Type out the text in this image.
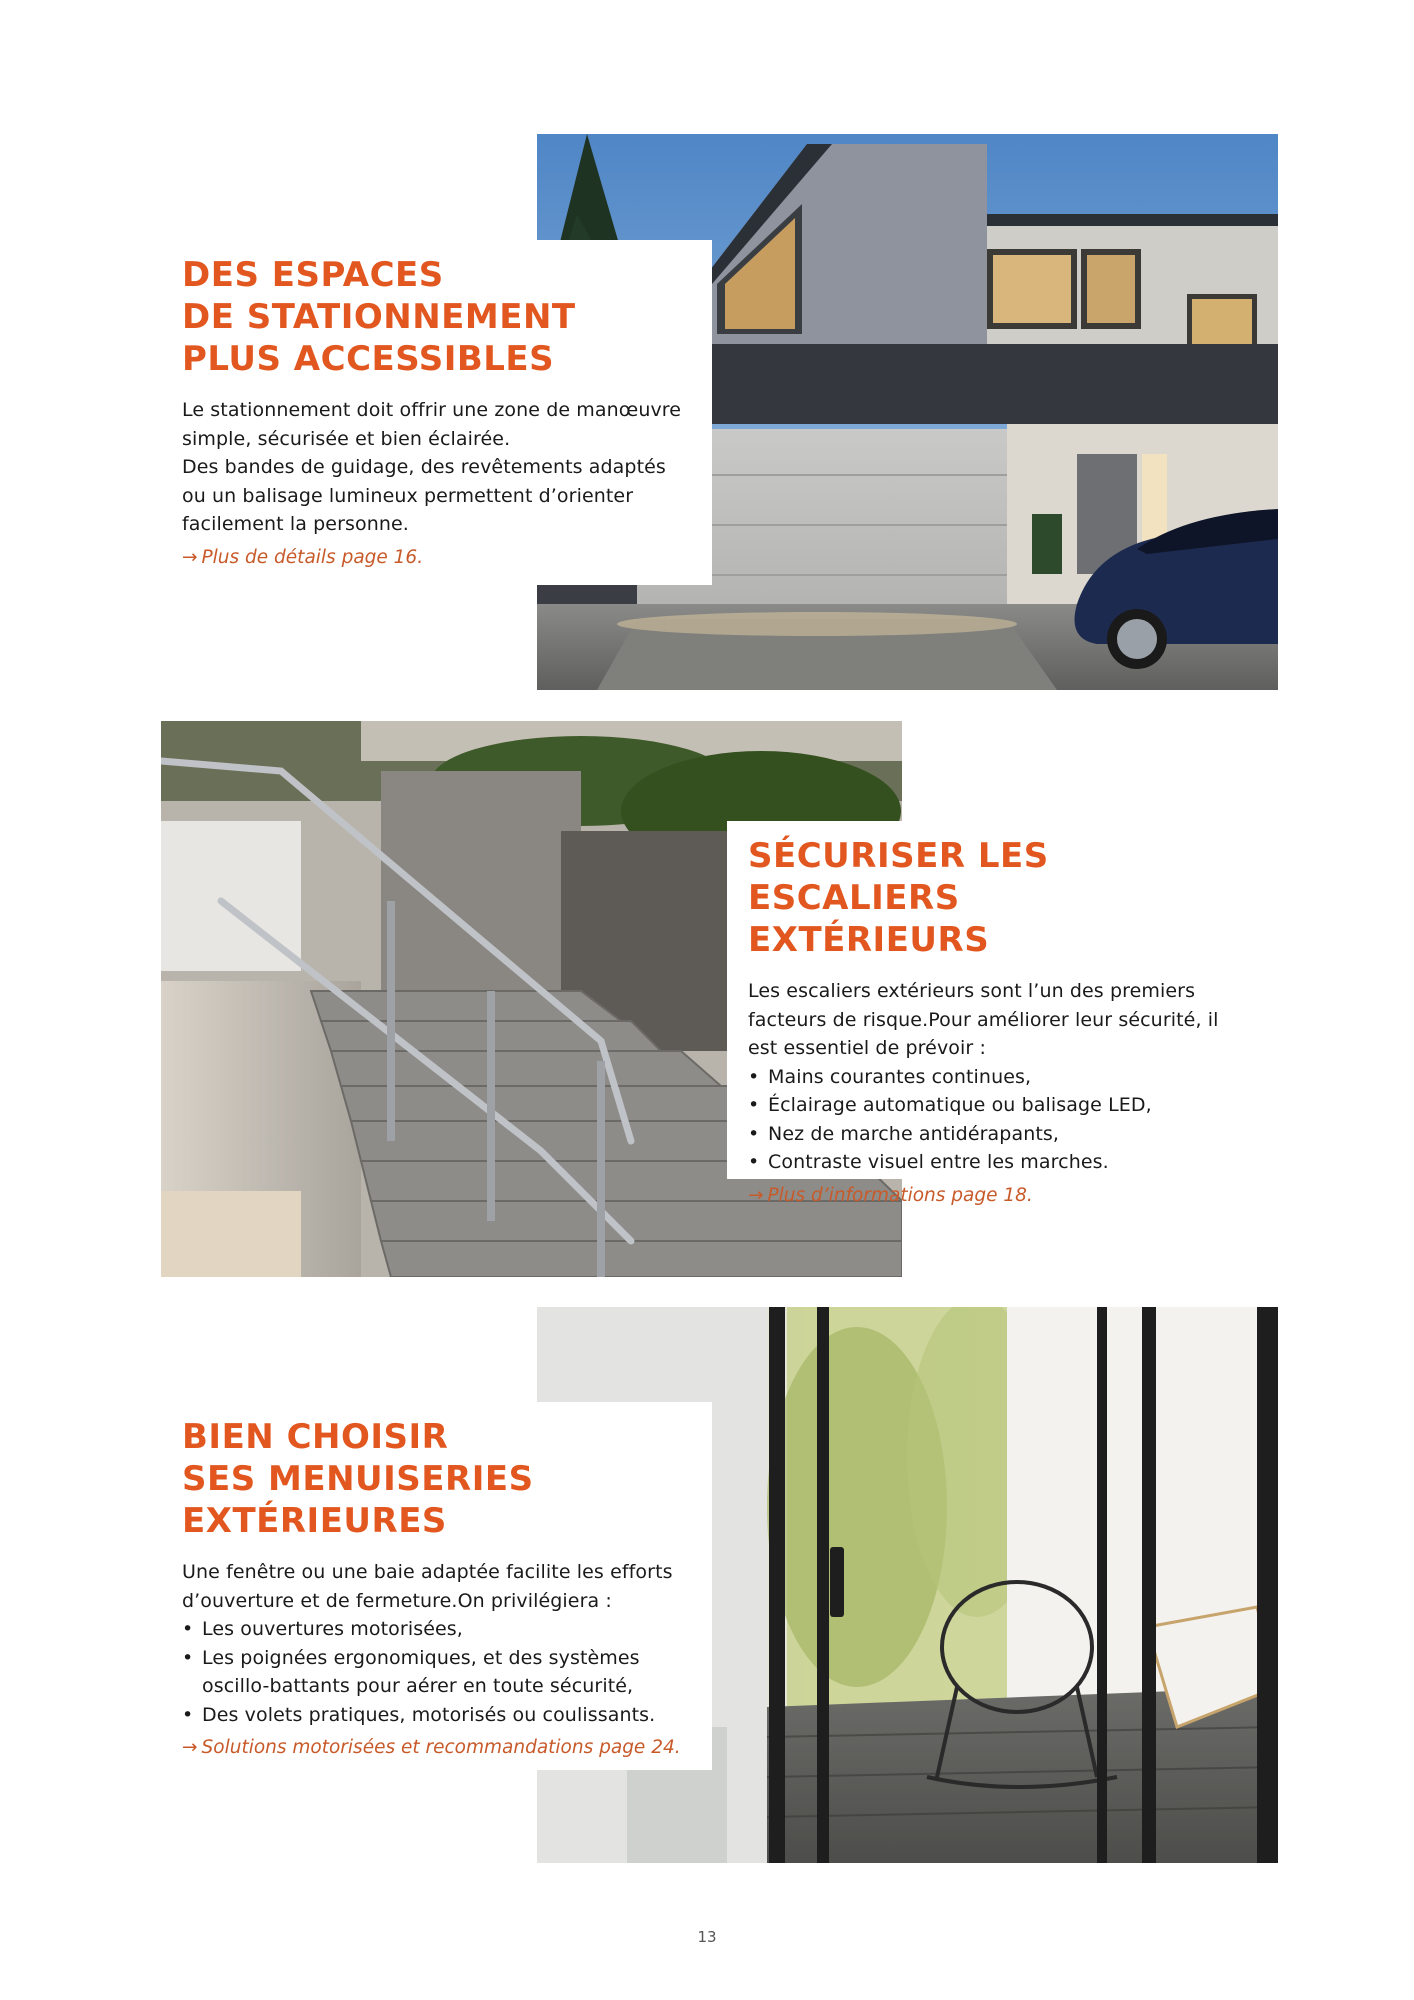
DES ESPACES
DE STATIONNEMENT
PLUS ACCESSIBLES
Le stationnement doit offrir une zone de manœuvre
simple, sécurisée et bien éclairée.
Des bandes de guidage, des revêtements adaptés
ou un balisage lumineux permettent d’orienter
facilement la personne.
→ Plus de détails page 16.
SÉCURISER LES ESCALIERS
EXTÉRIEURS
Les escaliers extérieurs sont l’un des premiers
facteurs de risque.Pour améliorer leur sécurité, il
est essentiel de prévoir :
• Mains courantes continues,
• Éclairage automatique ou balisage LED,
• Nez de marche antidérapants,
• Contraste visuel entre les marches.
→ Plus d’informations page 18.
BIEN CHOISIR
SES MENUISERIES
EXTÉRIEURES
Une fenêtre ou une baie adaptée facilite les efforts
d’ouverture et de fermeture.On privilégiera :
• Les ouvertures motorisées,
• Les poignées ergonomiques, et des systèmes oscillo-battants pour aérer en toute sécurité,
• Des volets pratiques, motorisés ou coulissants.
→ Solutions motorisées et recommandations page 24.
13
